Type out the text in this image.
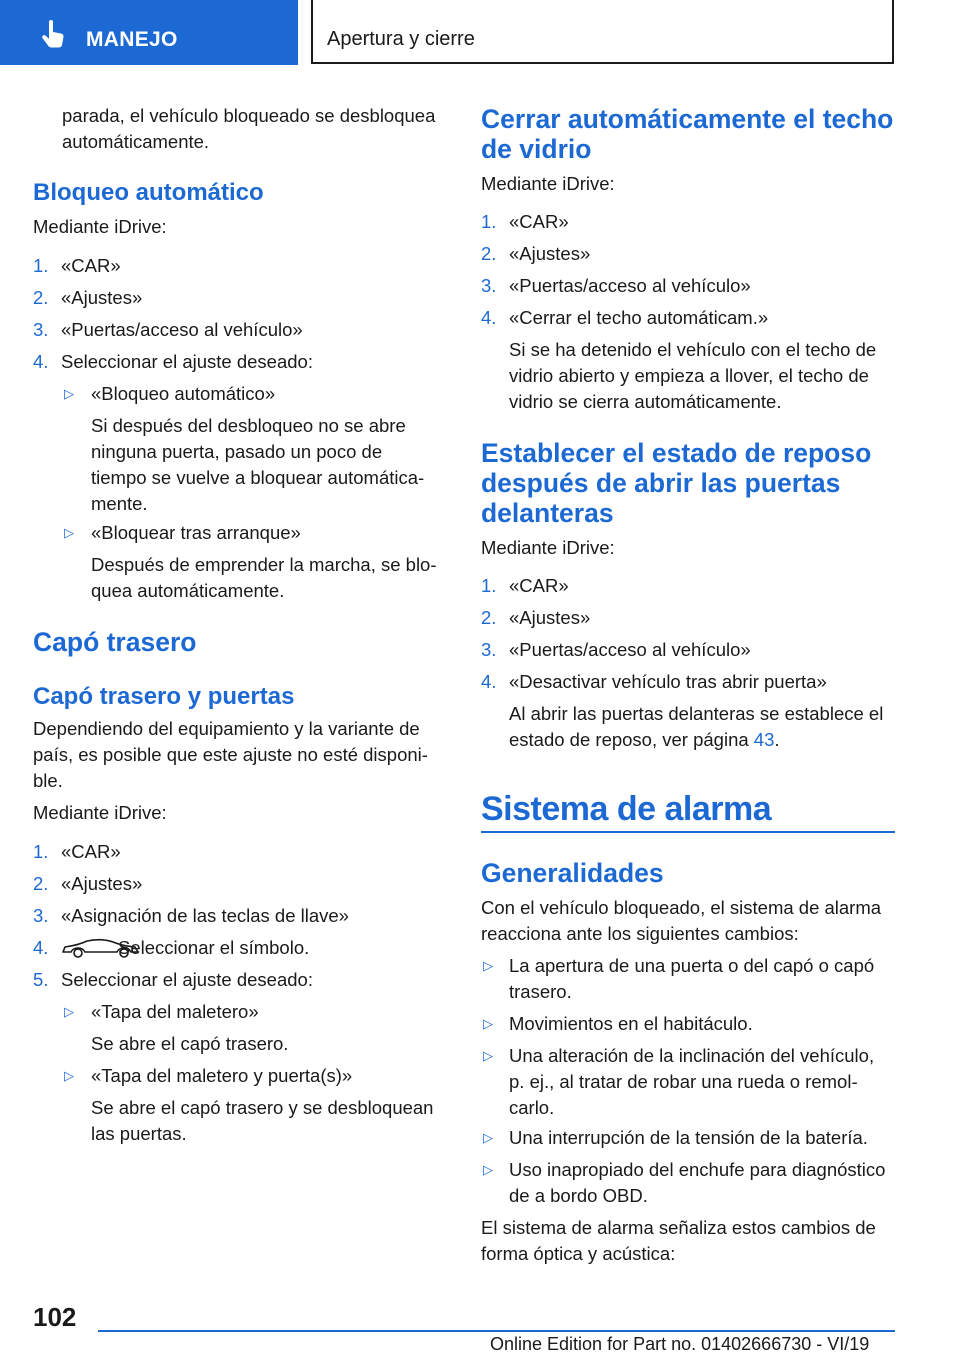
MANEJO	Apertura y cierre

parada, el vehículo bloqueado se desbloquea

automáticamente.

Bloqueo automático

Mediante iDrive:

1. «CAR»
2. «Ajustes»
3. «Puertas/acceso al vehículo»
4. Seleccionar el ajuste deseado:
▷ «Bloqueo automático»
Si después del desbloqueo no se abre
ninguna puerta, pasado un poco de
tiempo se vuelve a bloquear automática‐
mente.
▷ «Bloquear tras arranque»
Después de emprender la marcha, se blo‐
quea automáticamente.
Capó trasero
Capó trasero y puertas
Dependiendo del equipamiento y la variante de
país, es posible que este ajuste no esté disponi‐
ble.

Mediante iDrive:

1. «CAR»
2. «Ajustes»
3. «Asignación de las teclas de llave»
4.	Seleccionar el símbolo.
5. Seleccionar el ajuste deseado:
▷ «Tapa del maletero»
Se abre el capó trasero.
▷ «Tapa del maletero y puerta(s)»
Se abre el capó trasero y se desbloquean
las puertas.
Cerrar automáticamente el techo
de vidrio

Mediante iDrive:

1. «CAR»
2. «Ajustes»
3. «Puertas/acceso al vehículo»
4. «Cerrar el techo automáticam.»
Si se ha detenido el vehículo con el techo de
vidrio abierto y empieza a llover, el techo de
vidrio se cierra automáticamente.
Establecer el estado de reposo
después de abrir las puertas
delanteras

Mediante iDrive:

1. «CAR»
2. «Ajustes»
3. «Puertas/acceso al vehículo»
4. «Desactivar vehículo tras abrir puerta»
Al abrir las puertas delanteras se establece el
estado de reposo, ver página 43.
Sistema de alarma
Generalidades
Con el vehículo bloqueado, el sistema de alarma
reacciona ante los siguientes cambios:
▷ La apertura de una puerta o del capó o capó
trasero.
▷ Movimientos en el habitáculo.
▷ Una alteración de la inclinación del vehículo,
p. ej., al tratar de robar una rueda o remol‐
carlo.
▷ Una interrupción de la tensión de la batería.
▷ Uso inapropiado del enchufe para diagnóstico
de a bordo OBD.
El sistema de alarma señaliza estos cambios de
forma óptica y acústica:
102
Online Edition for Part no. 01402666730 - VI/19
